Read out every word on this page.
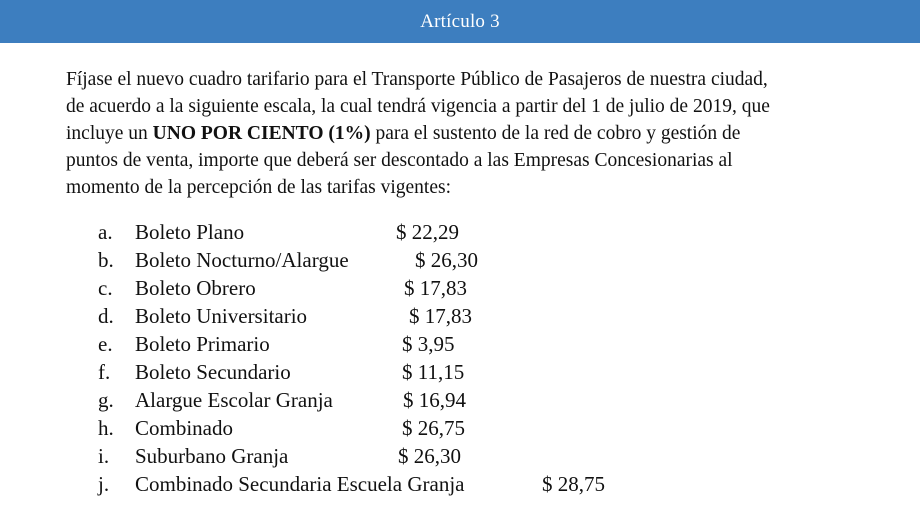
Artículo 3

Fíjase el nuevo cuadro tarifario para el Transporte Público de Pasajeros de nuestra ciudad,

de acuerdo a la siguiente escala, la cual tendrá vigencia a partir del 1 de julio de 2019, que

incluye un UNO POR CIENTO (1%) para el sustento de la red de cobro y gestión de

puntos de venta, importe que deberá ser descontado a las Empresas Concesionarias al

momento de la percepción de las tarifas vigentes:

a. Boleto Plano	$ 22,29
b. Boleto Nocturno/Alargue	$ 26,30
c. Boleto Obrero	$ 17,83
d. Boleto Universitario	$ 17,83
e. Boleto Primario	$ 3,95
f. Boleto Secundario	$ 11,15
g. Alargue Escolar Granja	$ 16,94
h. Combinado	$ 26,75
i. Suburbano Granja	$ 26,30
j. Combinado Secundaria Escuela Granja	$ 28,75
